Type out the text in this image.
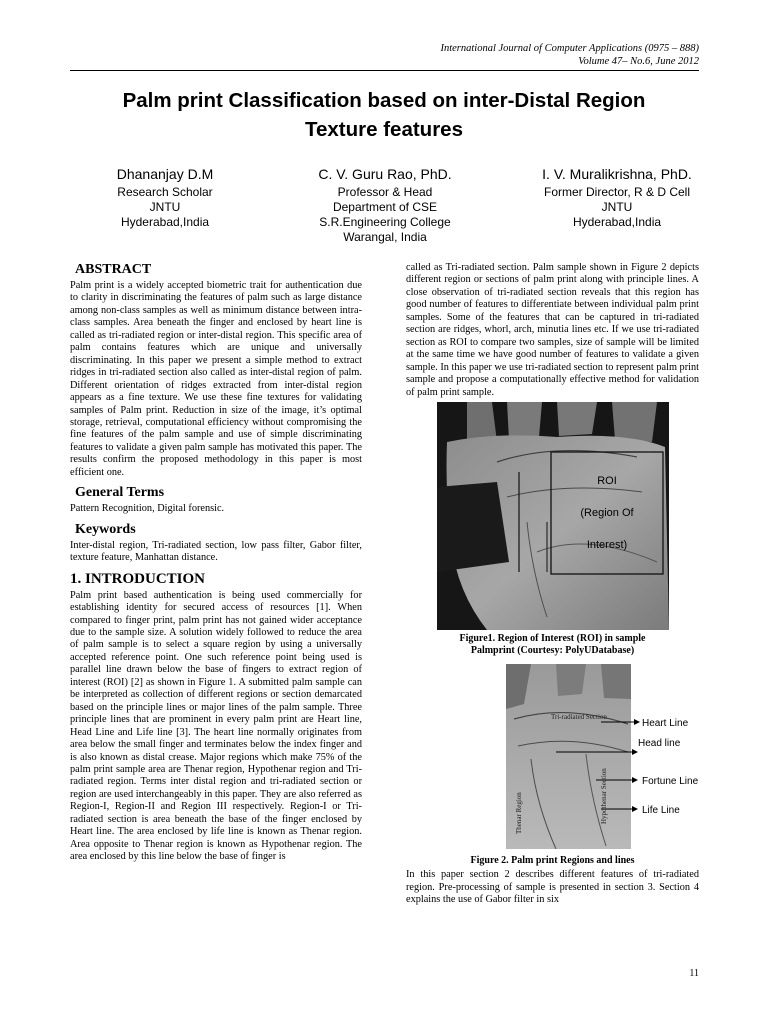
International Journal of Computer Applications (0975 – 888)
Volume 47– No.6, June 2012
Palm print Classification based on inter-Distal Region
Texture features
Dhananjay D.M
Research Scholar
JNTU
Hyderabad,India
C. V. Guru Rao, PhD.
Professor & Head
Department of CSE
S.R.Engineering College
Warangal, India
I. V. Muralikrishna, PhD.
Former Director, R & D Cell
JNTU
Hyderabad,India
ABSTRACT

Palm print is a widely accepted biometric trait for authentication due to clarity in discriminating the features of palm such as large distance among non-class samples as well as minimum distance between intra-class samples. Area beneath the finger and enclosed by heart line is called as tri-radiated region or inter-distal region. This specific area of palm contains features which are unique and universally discriminating. In this paper we present a simple method to extract ridges in tri-radiated section also called as inter-distal region of palm. Different orientation of ridges extracted from inter-distal region appears as a fine texture. We use these fine textures for validating samples of Palm print. Reduction in size of the image, it’s optimal storage, retrieval, computational efficiency without compromising the fine features of the palm sample and use of simple discriminating features to validate a given palm sample has motivated this paper. The results confirm the proposed methodology in this paper is most efficient one.

General Terms

Pattern Recognition, Digital forensic.

Keywords

Inter-distal region, Tri-radiated section, low pass filter, Gabor filter, texture feature, Manhattan distance.

1. INTRODUCTION

Palm print based authentication is being used commercially for establishing identity for secured access of resources [1]. When compared to finger print, palm print has not gained wider acceptance due to the sample size. A solution widely followed to reduce the area of palm sample is to select a square region by using a universally accepted reference point. One such reference point being used is parallel line drawn below the base of fingers to extract region of interest (ROI) [2] as shown in Figure 1. A submitted palm sample can be interpreted as collection of different regions or section demarcated based on the principle lines or major lines of the palm sample. Three principle lines that are prominent in every palm print are Heart line, Head Line and Life line [3]. The heart line normally originates from area below the small finger and terminates below the index finger and is also known as distal crease. Major regions which make 75% of the palm print sample area are Thenar region, Hypothenar region and Tri-radiated region. Terms inter distal region and tri-radiated section or region are used interchangeably in this paper. They are also referred as Region-I, Region-II and Region III respectively. Region-I or Tri-radiated section is area beneath the base of the finger enclosed by Heart line. The area enclosed by life line is known as Thenar region. Area opposite to Thenar region is known as Hypothenar region. The area enclosed by this line below the base of finger is

called as Tri-radiated section. Palm sample shown in Figure 2 depicts different region or sections of palm print along with principle lines. A close observation of tri-radiated section reveals that this region has good number of features to differentiate between individual palm print samples. Some of the features that can be captured in tri-radiated section are ridges, whorl, arch, minutia lines etc. If we use tri-radiated section as ROI to compare two samples, size of sample will be limited at the same time we have good number of features to validate a given sample. In this paper we use tri-radiated section to represent palm print sample and propose a computationally effective method for validation of palm print sample.

ROI
(Region Of
Interest)
Figure1. Region of Interest (ROI) in sample
Palmprint (Courtesy: PolyUDatabase)
Tri-radiated Section
Thenar Region	Hypothenar Section
Heart Line
Head line
Fortune Line
Life Line
Figure 2. Palm print Regions and lines

In this paper section 2 describes different features of tri-radiated region. Pre-processing of sample is presented in section 3. Section 4 explains the use of Gabor filter in six

11
